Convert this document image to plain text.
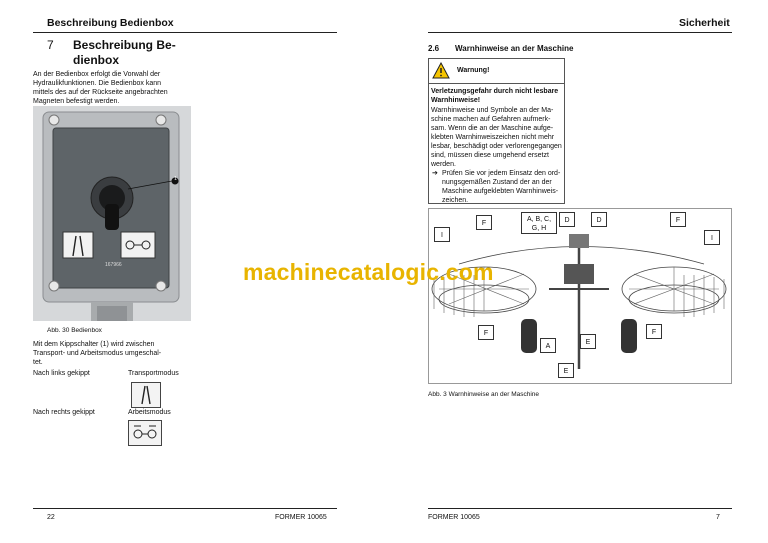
Beschreibung Bedienbox
7 Beschreibung Be-
dienbox
An der Bedienbox erfolgt die Vorwahl der
Hydraulikfunktionen. Die Bedienbox kann
mittels des auf der Rückseite angebrachten
Magneten befestigt werden.
167966
1
Abb. 30 Bedienbox
Mit dem Kippschalter (1) wird zwischen
Transport- und Arbeitsmodus umgeschal-
tet.
Nach links gekippt	Transportmodus
Nach rechts gekippt	Arbeitsmodus
22	FORMER 10065
Sicherheit
2.6 Warnhinweise an der Maschine
Warnung!
Verletzungsgefahr durch nicht lesbare
Warnhinweise!
Warnhinweise und Symbole an der Ma-
schine machen auf Gefahren aufmerk-
sam. Wenn die an der Maschine aufge-
klebten Warnhinweiszeichen nicht mehr
lesbar, beschädigt oder verlorengegangen
sind, müssen diese umgehend ersetzt
werden.
➔ Prüfen Sie vor jedem Einsatz den ord-
nungsgemäßen Zustand der an der
Maschine aufgeklebten Warnhinweis-
zeichen.
F
A, B, C,
G, H
D	D	F
I	I
F
A
E
F
E
Abb. 3 Warnhinweise an der Maschine
FORMER 10065	7
machinecatalogic.com
